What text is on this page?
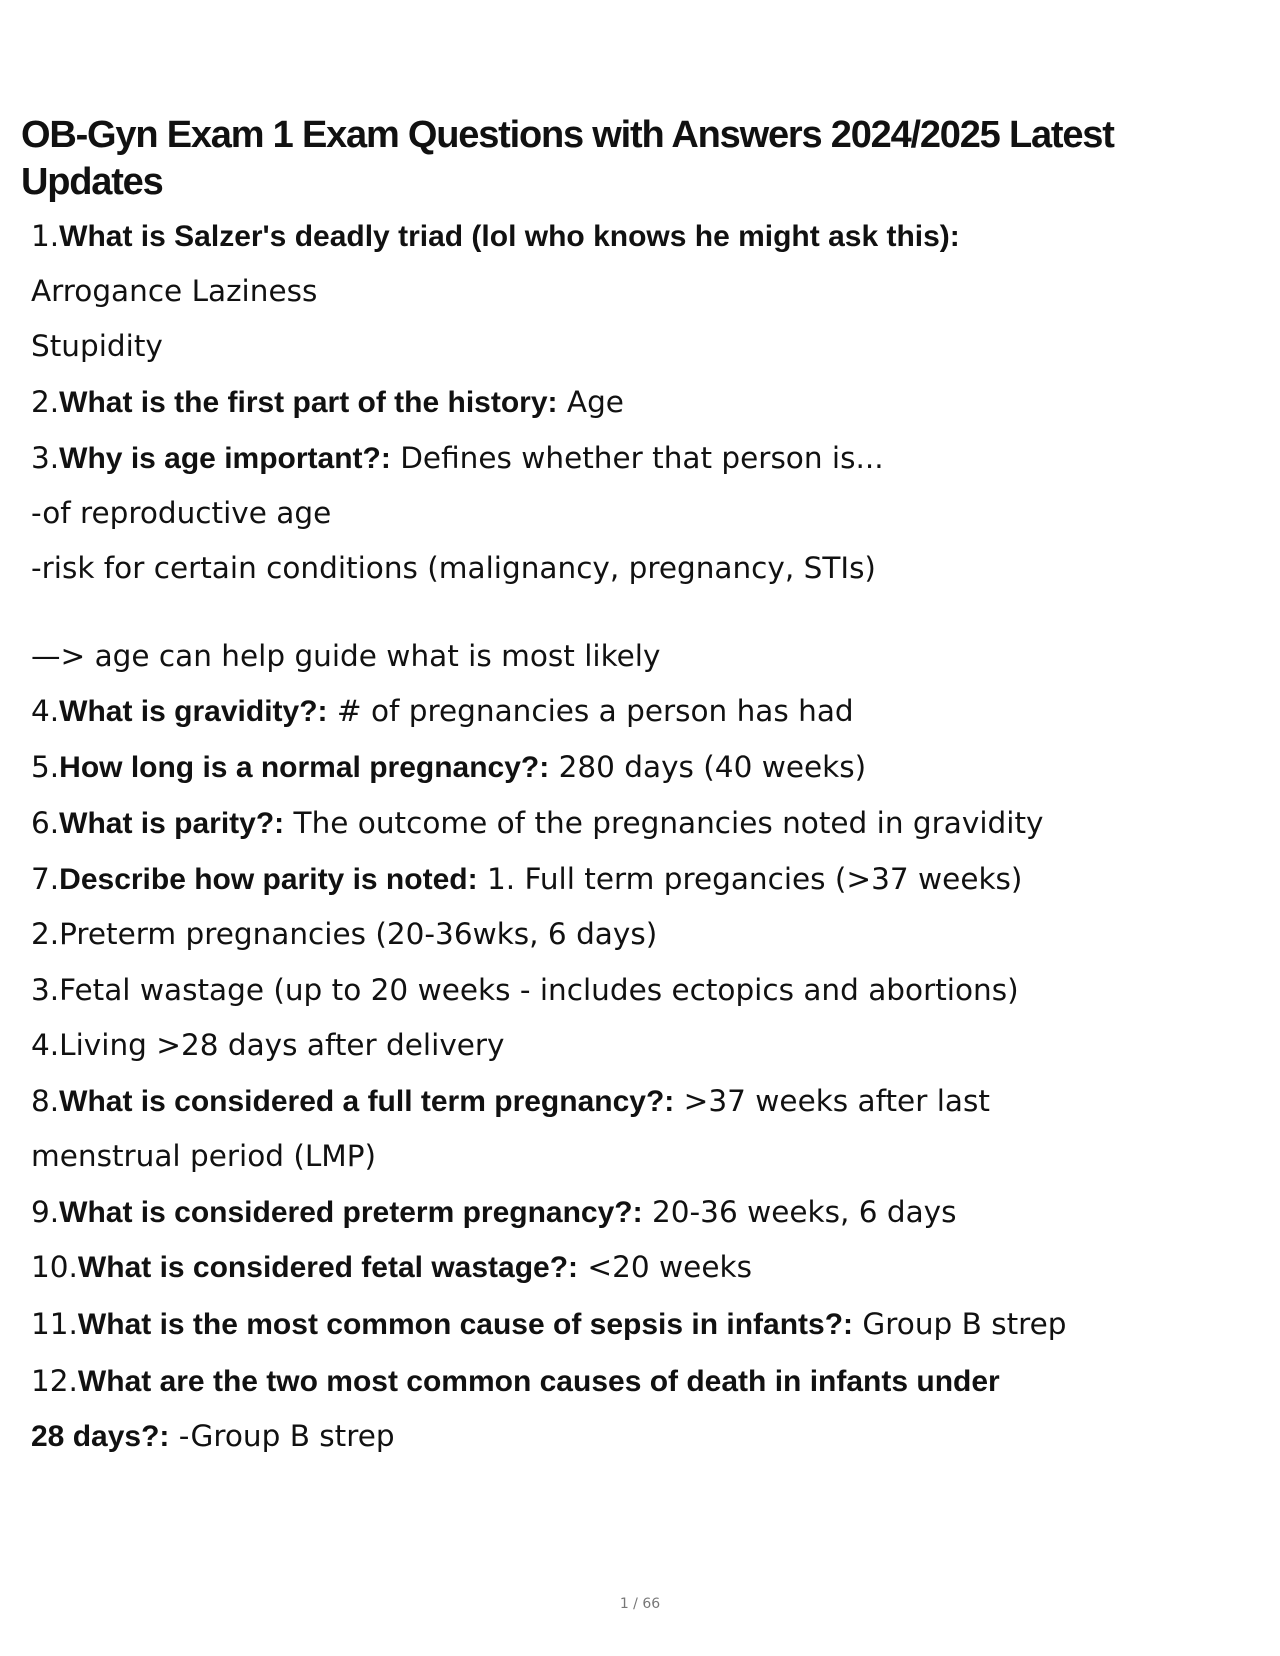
OB-Gyn Exam 1 Exam Questions with Answers 2024/2025 Latest Updates
1.What is Salzer's deadly triad (lol who knows he might ask this):
Arrogance Laziness
Stupidity
2.What is the first part of the history: Age
3.Why is age important?: Defines whether that person is...
-of reproductive age
-risk for certain conditions (malignancy, pregnancy, STIs)
—> age can help guide what is most likely
4.What is gravidity?: # of pregnancies a person has had
5.How long is a normal pregnancy?: 280 days (40 weeks)
6.What is parity?: The outcome of the pregnancies noted in gravidity
7.Describe how parity is noted: 1. Full term pregancies (>37 weeks)
2.Preterm pregnancies (20-36wks, 6 days)
3.Fetal wastage (up to 20 weeks - includes ectopics and abortions)
4.Living >28 days after delivery
8.What is considered a full term pregnancy?: >37 weeks after last
menstrual period (LMP)
9.What is considered preterm pregnancy?: 20-36 weeks, 6 days
10.What is considered fetal wastage?: <20 weeks
11.What is the most common cause of sepsis in infants?: Group B strep
12.What are the two most common causes of death in infants under
28 days?: -Group B strep
1 / 66
